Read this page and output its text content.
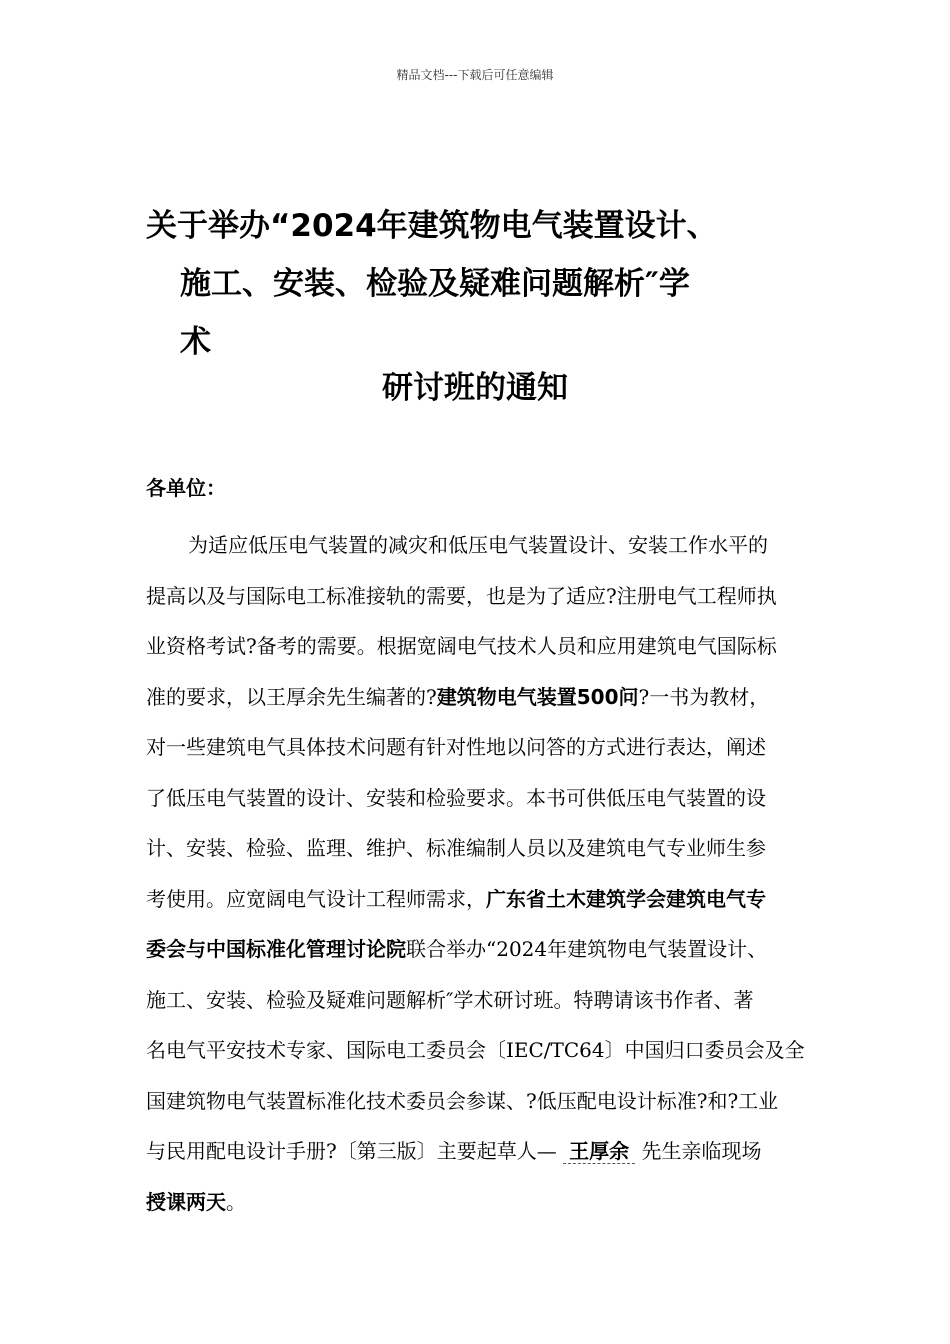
精品文档---下载后可任意编辑
关于举办“2024年建筑物电气装置设计、
施工、安装、检验及疑难问题解析″学
术
研讨班的通知
各单位：
为适应低压电气装置的减灾和低压电气装置设计、安装工作水平的
提高以及与国际电工标准接轨的需要，也是为了适应?注册电气工程师执
业资格考试?备考的需要。根据宽阔电气技术人员和应用建筑电气国际标
准的要求，以王厚余先生编著的?建筑物电气装置500问?一书为教材，
对一些建筑电气具体技术问题有针对性地以问答的方式进行表达，阐述
了低压电气装置的设计、安装和检验要求。本书可供低压电气装置的设
计、安装、检验、监理、维护、标准编制人员以及建筑电气专业师生参
考使用。应宽阔电气设计工程师需求，广东省土木建筑学会建筑电气专
委会与中国标准化管理讨论院联合举办“2024年建筑物电气装置设计、
施工、安装、检验及疑难问题解析″学术研讨班。特聘请该书作者、著
名电气平安技术专家、国际电工委员会〔IEC/TC64〕中国归口委员会及全
国建筑物电气装置标准化技术委员会参谋、?低压配电设计标准?和?工业
与民用配电设计手册?〔第三版〕主要起草人— 王厚余 先生亲临现场
授课两天。
